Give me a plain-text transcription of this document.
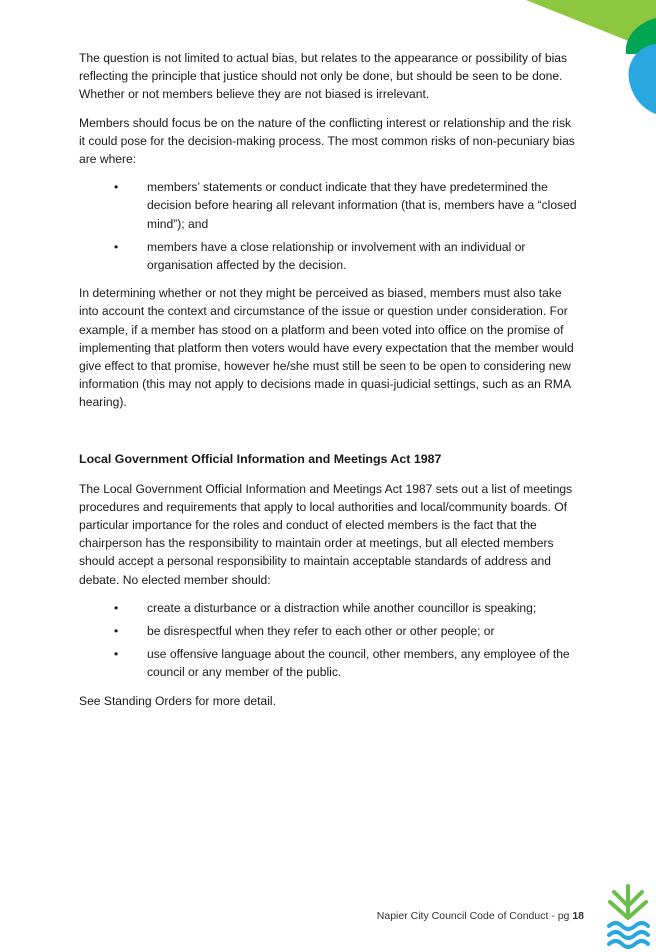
The question is not limited to actual bias, but relates to the appearance or possibility of bias reflecting the principle that justice should not only be done, but should be seen to be done. Whether or not members believe they are not biased is irrelevant.

Members should focus be on the nature of the conflicting interest or relationship and the risk it could pose for the decision-making process. The most common risks of non-pecuniary bias are where:

• members’ statements or conduct indicate that they have predetermined the decision before hearing all relevant information (that is, members have a “closed mind”); and
• members have a close relationship or involvement with an individual or organisation affected by the decision.

In determining whether or not they might be perceived as biased, members must also take into account the context and circumstance of the issue or question under consideration. For example, if a member has stood on a platform and been voted into office on the promise of implementing that platform then voters would have every expectation that the member would give effect to that promise, however he/she must still be seen to be open to considering new information (this may not apply to decisions made in quasi-judicial settings, such as an RMA hearing).

Local Government Official Information and Meetings Act 1987

The Local Government Official Information and Meetings Act 1987 sets out a list of meetings procedures and requirements that apply to local authorities and local/community boards. Of particular importance for the roles and conduct of elected members is the fact that the chairperson has the responsibility to maintain order at meetings, but all elected members should accept a personal responsibility to maintain acceptable standards of address and debate. No elected member should:

• create a disturbance or a distraction while another councillor is speaking;
• be disrespectful when they refer to each other or other people; or
• use offensive language about the council, other members, any employee of the council or any member of the public.

See Standing Orders for more detail.

Napier City Council Code of Conduct - pg 18
